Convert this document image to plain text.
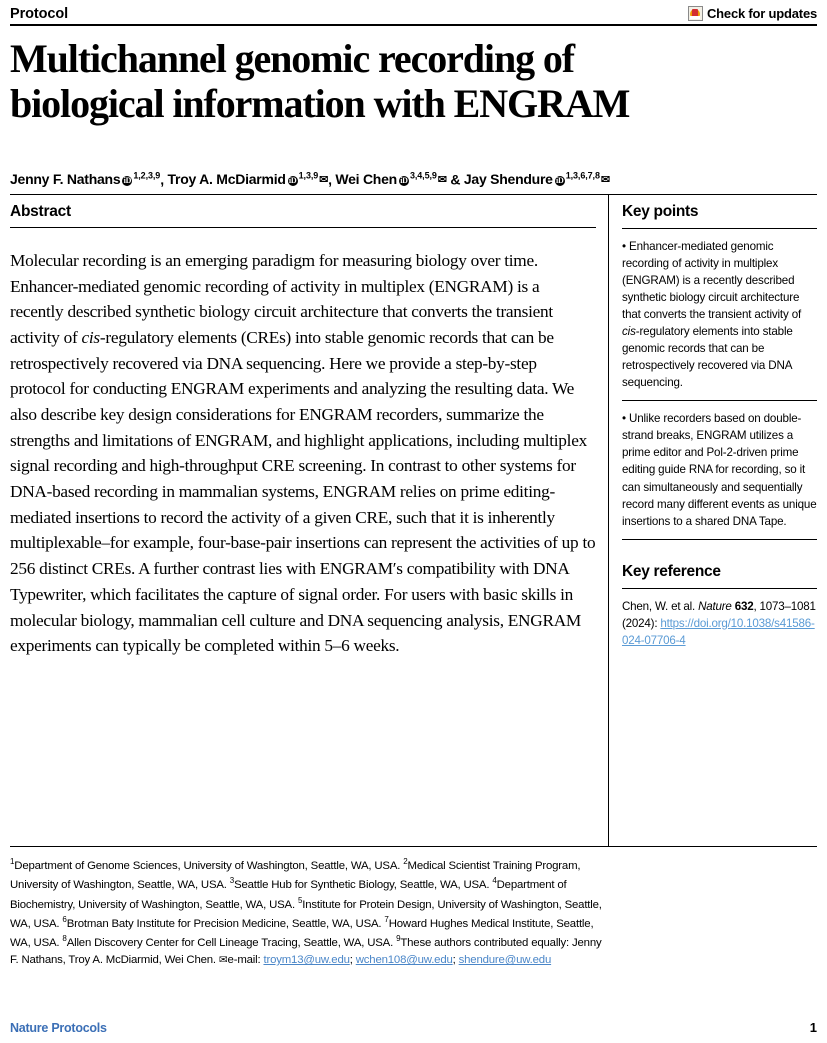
Protocol	Check for updates
Multichannel genomic recording of biological information with ENGRAM
Jenny F. Nathans iD$^{1,2,3,9}$, Troy A. McDiarmid iD$^{1,3,9}$✉, Wei Chen iD$^{3,4,5,9}$✉ & Jay Shendure iD$^{1,3,6,7,8}$✉
Abstract

Molecular recording is an emerging paradigm for measuring biology over time. Enhancer-mediated genomic recording of activity in multiplex (ENGRAM) is a recently described synthetic biology circuit architecture that converts the transient activity of cis-regulatory elements (CREs) into stable genomic records that can be retrospectively recovered via DNA sequencing. Here we provide a step-by-step protocol for conducting ENGRAM experiments and analyzing the resulting data. We also describe key design considerations for ENGRAM recorders, summarize the strengths and limitations of ENGRAM, and highlight applications, including multiplex signal recording and high-throughput CRE screening. In contrast to other systems for DNA-based recording in mammalian systems, ENGRAM relies on prime editing-mediated insertions to record the activity of a given CRE, such that it is inherently multiplexable–for example, four-base-pair insertions can represent the activities of up to 256 distinct CREs. A further contrast lies with ENGRAM′s compatibility with DNA Typewriter, which facilitates the capture of signal order. For users with basic skills in molecular biology, mammalian cell culture and DNA sequencing analysis, ENGRAM experiments can typically be completed within 5–6 weeks.

Key points
• Enhancer-mediated genomic recording of activity in multiplex (ENGRAM) is a recently described synthetic biology circuit architecture that converts the transient activity of cis-regulatory elements into stable genomic records that can be retrospectively recovered via DNA sequencing.
• Unlike recorders based on double-strand breaks, ENGRAM utilizes a prime editor and Pol-2-driven prime editing guide RNA for recording, so it can simultaneously and sequentially record many different events as unique insertions to a shared DNA Tape.
Key reference
Chen, W. et al. Nature 632, 1073–1081 (2024): https://doi.org/10.1038/s41586-024-07706-4
$^1$Department of Genome Sciences, University of Washington, Seattle, WA, USA. $^2$Medical Scientist Training Program, University of Washington, Seattle, WA, USA. $^3$Seattle Hub for Synthetic Biology, Seattle, WA, USA. $^4$Department of Biochemistry, University of Washington, Seattle, WA, USA. $^5$Institute for Protein Design, University of Washington, Seattle, WA, USA. $^6$Brotman Baty Institute for Precision Medicine, Seattle, WA, USA. $^7$Howard Hughes Medical Institute, Seattle, WA, USA. $^8$Allen Discovery Center for Cell Lineage Tracing, Seattle, WA, USA. $^9$These authors contributed equally: Jenny F. Nathans, Troy A. McDiarmid, Wei Chen. ✉e-mail: troym13@uw.edu; wchen108@uw.edu; shendure@uw.edu
Nature Protocols	1
